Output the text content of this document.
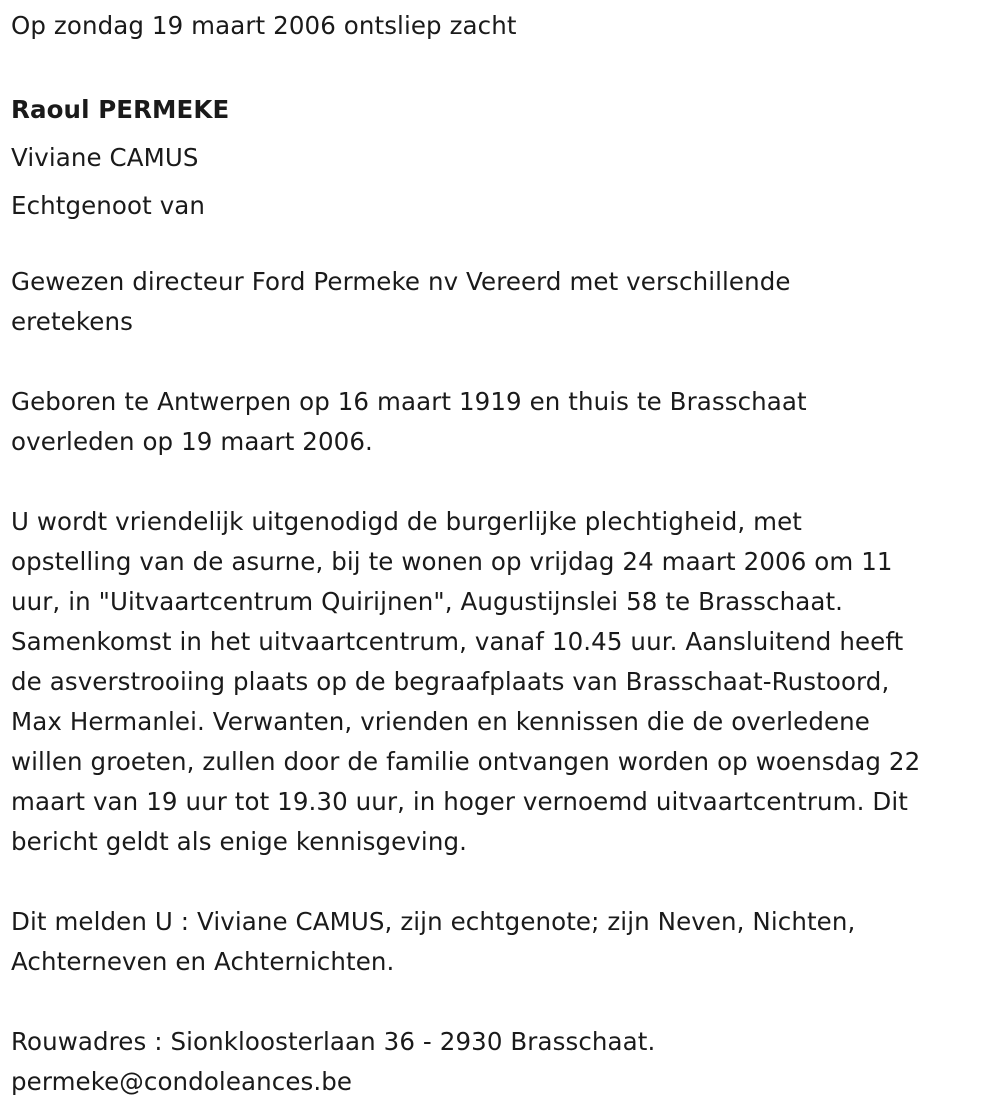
Op zondag 19 maart 2006 ontsliep zacht
Raoul PERMEKE
Viviane CAMUS
Echtgenoot van
Gewezen directeur Ford Permeke nv Vereerd met verschillende
eretekens
Geboren te Antwerpen op 16 maart 1919 en thuis te Brasschaat
overleden op 19 maart 2006.
U wordt vriendelijk uitgenodigd de burgerlijke plechtigheid, met
opstelling van de asurne, bij te wonen op vrijdag 24 maart 2006 om 11
uur, in "Uitvaartcentrum Quirijnen", Augustijnslei 58 te Brasschaat.
Samenkomst in het uitvaartcentrum, vanaf 10.45 uur. Aansluitend heeft
de asverstrooiing plaats op de begraafplaats van Brasschaat-Rustoord,
Max Hermanlei. Verwanten, vrienden en kennissen die de overledene
willen groeten, zullen door de familie ontvangen worden op woensdag 22
maart van 19 uur tot 19.30 uur, in hoger vernoemd uitvaartcentrum. Dit
bericht geldt als enige kennisgeving.
Dit melden U : Viviane CAMUS, zijn echtgenote; zijn Neven, Nichten,
Achterneven en Achternichten.
Rouwadres : Sionkloosterlaan 36 - 2930 Brasschaat.
permeke@condoleances.be
